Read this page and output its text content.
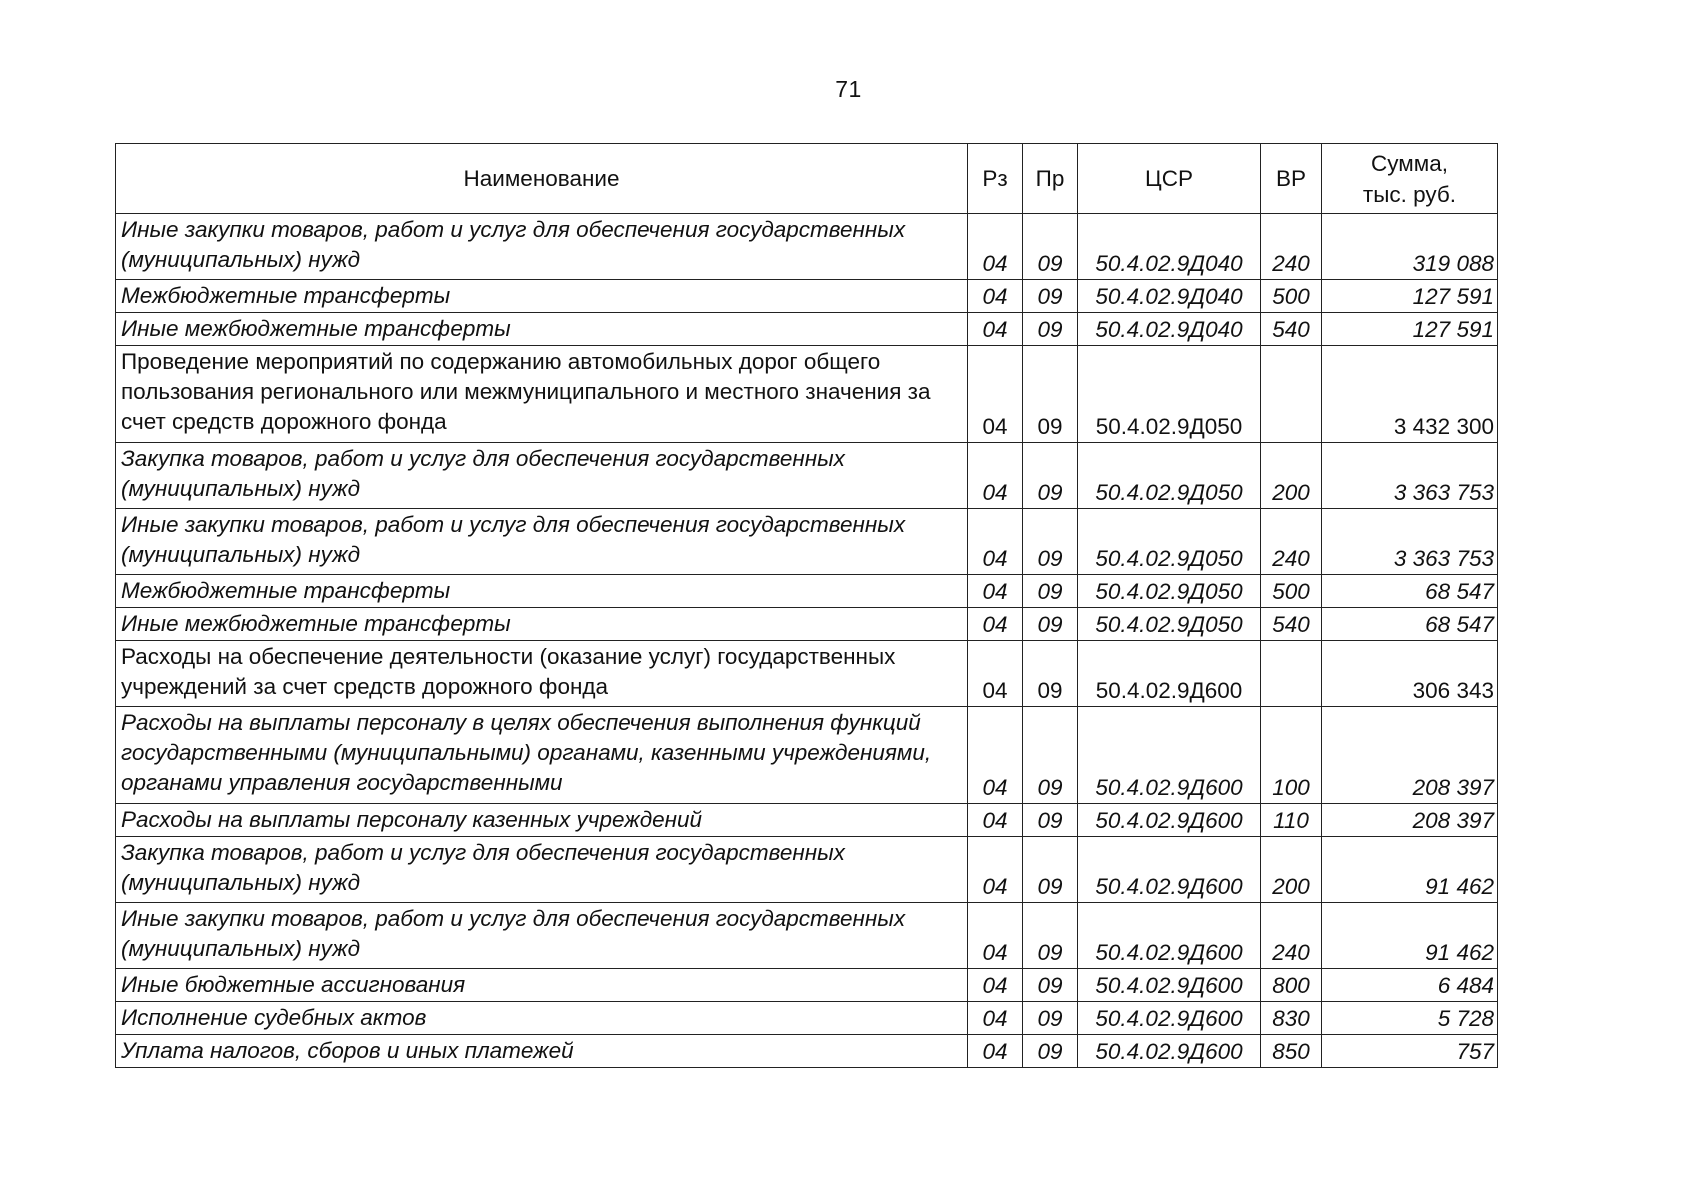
71
Наименование	Рз	Пр	ЦСР	ВР	Сумма,
тыс. руб.
Иные закупки товаров, работ и услуг для обеспечения государственных (муниципальных) нужд	04	09	50.4.02.9Д040	240	319 088
Межбюджетные трансферты	04	09	50.4.02.9Д040	500	127 591
Иные межбюджетные трансферты	04	09	50.4.02.9Д040	540	127 591
Проведение мероприятий по содержанию автомобильных дорог общего пользования регионального или межмуниципального и местного значения за счет средств дорожного фонда	04	09	50.4.02.9Д050		3 432 300
Закупка товаров, работ и услуг для обеспечения государственных (муниципальных) нужд	04	09	50.4.02.9Д050	200	3 363 753
Иные закупки товаров, работ и услуг для обеспечения государственных (муниципальных) нужд	04	09	50.4.02.9Д050	240	3 363 753
Межбюджетные трансферты	04	09	50.4.02.9Д050	500	68 547
Иные межбюджетные трансферты	04	09	50.4.02.9Д050	540	68 547
Расходы на обеспечение деятельности (оказание услуг) государственных учреждений за счет средств дорожного фонда	04	09	50.4.02.9Д600		306 343
Расходы на выплаты персоналу в целях обеспечения выполнения функций государственными (муниципальными) органами, казенными учреждениями, органами управления государственными	04	09	50.4.02.9Д600	100	208 397
Расходы на выплаты персоналу казенных учреждений	04	09	50.4.02.9Д600	110	208 397
Закупка товаров, работ и услуг для обеспечения государственных (муниципальных) нужд	04	09	50.4.02.9Д600	200	91 462
Иные закупки товаров, работ и услуг для обеспечения государственных (муниципальных) нужд	04	09	50.4.02.9Д600	240	91 462
Иные бюджетные ассигнования	04	09	50.4.02.9Д600	800	6 484
Исполнение судебных актов	04	09	50.4.02.9Д600	830	5 728
Уплата налогов, сборов и иных платежей	04	09	50.4.02.9Д600	850	757
